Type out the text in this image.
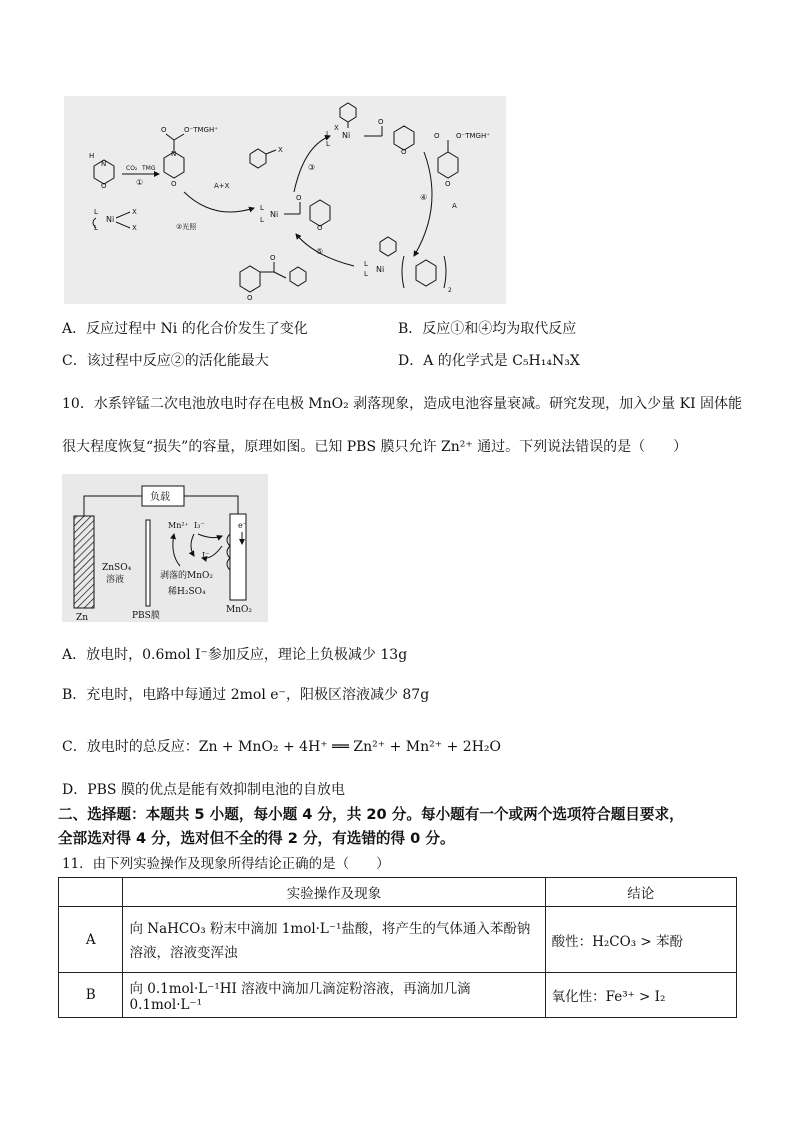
H
N
O
CO₂ TMG
①
O O⁻TMGH⁺
N
O
L
Ni
L
X
X
X
A+X
②光照
L
L
Ni
O
O
X
Ni
L
L
O
O
O O⁻TMGH⁺
O
③
④
A
⑤
L
L Ni
2
O
O
A．反应过程中 Ni 的化合价发生了变化	B．反应①和④均为取代反应
C．该过程中反应②的活化能最大	D．A 的化学式是 C₅H₁₄N₃X
10．水系锌锰二次电池放电时存在电极 MnO₂ 剥落现象，造成电池容量衰减。研究发现，加入少量 KI 固体能
很大程度恢复“损失”的容量，原理如图。已知 PBS 膜只允许 Zn²⁺ 通过。下列说法错误的是（　　）
负载
Zn
ZnSO₄
溶液
PBS膜
MnO₂
e⁻
Mn²⁺ I₃⁻
I⁻
剥落的MnO₂
稀H₂SO₄
A．放电时，0.6mol I⁻参加反应，理论上负极减少 13g
B．充电时，电路中每通过 2mol e⁻，阳极区溶液减少 87g
C．放电时的总反应：Zn + MnO₂ + 4H⁺ ══ Zn²⁺ + Mn²⁺ + 2H₂O
D．PBS 膜的优点是能有效抑制电池的自放电
二、选择题：本题共 5 小题，每小题 4 分，共 20 分。每小题有一个或两个选项符合题目要求，
全部选对得 4 分，选对但不全的得 2 分，有选错的得 0 分。
11．由下列实验操作及现象所得结论正确的是（　　）
	实验操作及现象	结论
A	向 NaHCO₃ 粉末中滴加 1mol·L⁻¹盐酸，将产生的气体通入苯酚钠
溶液，溶液变浑浊	酸性：H₂CO₃ > 苯酚
B	向 0.1mol·L⁻¹HI 溶液中滴加几滴淀粉溶液，再滴加几滴 0.1mol·L⁻¹	氧化性：Fe³⁺ > I₂
